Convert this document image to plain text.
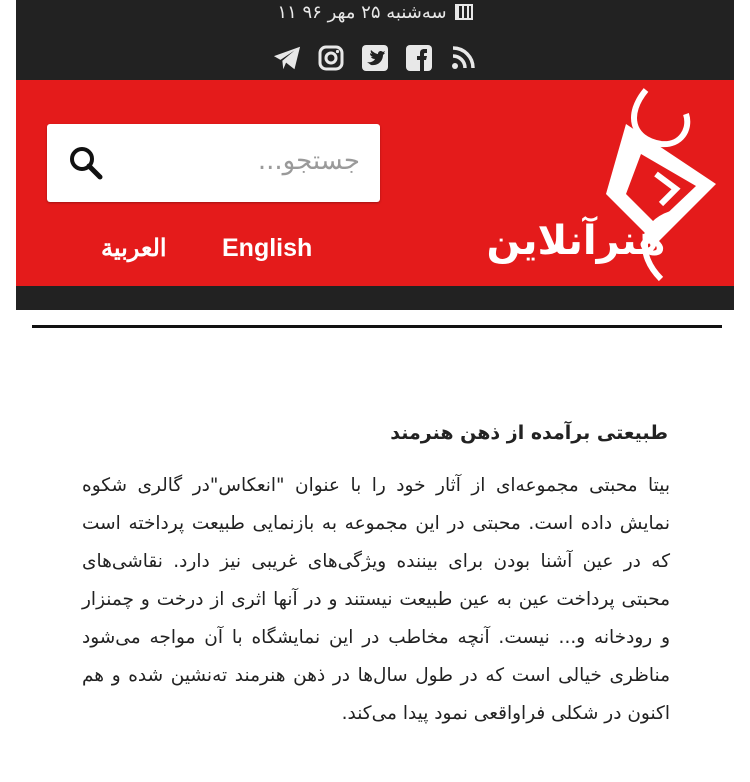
سه‌شنبه ۲۵ مهر ۹۶ ۱۱
جستجو...
English
العربية	هنرآنلاین
طبیعتی برآمده از ذهن هنرمند
بیتا محبتی مجموعه‌ای از آثار خود را با عنوان "انعکاس"در گالری شکوه نمایش داده است. محبتی در این مجموعه به بازنمایی طبیعت پرداخته است که در عین آشنا بودن برای بیننده ویژگی‌های غریبی نیز دارد. نقاشی‌های محبتی پرداخت عین به عین طبیعت نیستند و در آنها اثری از درخت و چمنزار و رودخانه و... نیست. آنچه مخاطب در این نمایشگاه با آن مواجه می‌شود مناظری خیالی است که در طول سال‌ها در ذهن هنرمند ته‌نشین شده و هم اکنون در شکلی فراواقعی نمود پیدا می‌کند.
